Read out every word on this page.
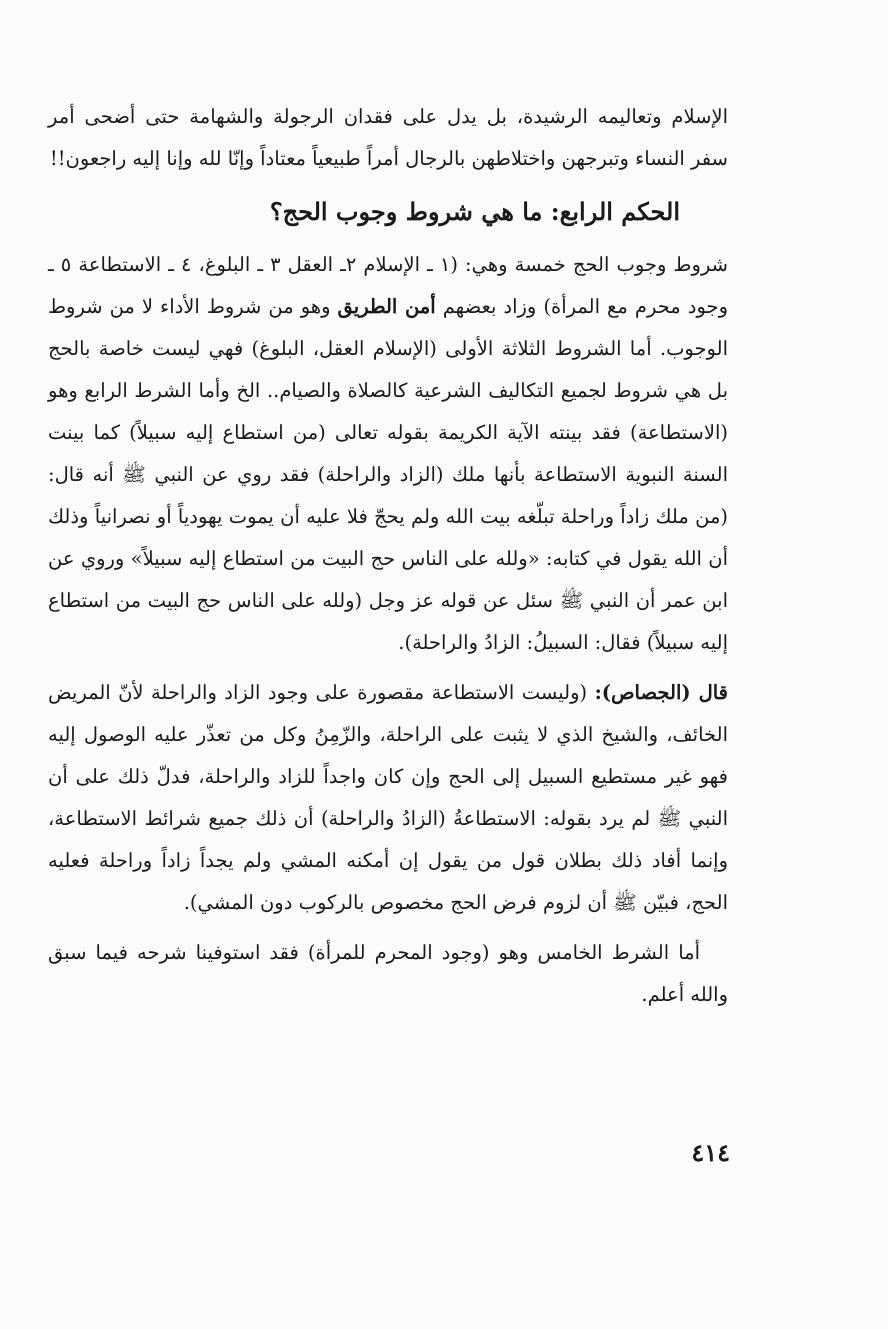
الإسلام وتعاليمه الرشيدة، بل يدل على فقدان الرجولة والشهامة حتى أضحى أمر سفر النساء وتبرجهن واختلاطهن بالرجال أمراً طبيعياً معتاداً وإنّا لله وإنا إليه راجعون!!

الحكم الرابع: ما هي شروط وجوب الحج؟

شروط وجوب الحج خمسة وهي: (١ ـ الإسلام ٢ـ العقل ٣ ـ البلوغ، ٤ ـ الاستطاعة ٥ ـ وجود محرم مع المرأة) وزاد بعضهم أمن الطريق وهو من شروط الأداء لا من شروط الوجوب. أما الشروط الثلاثة الأولى (الإسلام العقل، البلوغ) فهي ليست خاصة بالحج بل هي شروط لجميع التكاليف الشرعية كالصلاة والصيام.. الخ وأما الشرط الرابع وهو (الاستطاعة) فقد بينته الآية الكريمة بقوله تعالى (من استطاع إليه سبيلاً) كما بينت السنة النبوية الاستطاعة بأنها ملك (الزاد والراحلة) فقد روي عن النبي ﷺ أنه قال: (من ملك زاداً وراحلة تبلّغه بيت الله ولم يحجّ فلا عليه أن يموت يهودياً أو نصرانياً وذلك أن الله يقول في كتابه: «ولله على الناس حج البيت من استطاع إليه سبيلاً» وروي عن ابن عمر أن النبي ﷺ سئل عن قوله عز وجل (ولله على الناس حج البيت من استطاع إليه سبيلاً) فقال: السبيلُ: الزادُ والراحلة).

قال (الجصاص): (وليست الاستطاعة مقصورة على وجود الزاد والراحلة لأنّ المريض الخائف، والشيخ الذي لا يثبت على الراحلة، والزّمِنُ وكل من تعذّر عليه الوصول إليه فهو غير مستطيع السبيل إلى الحج وإن كان واجداً للزاد والراحلة، فدلّ ذلك على أن النبي ﷺ لم يرد بقوله: الاستطاعةُ (الزادُ والراحلة) أن ذلك جميع شرائط الاستطاعة، وإنما أفاد ذلك بطلان قول من يقول إن أمكنه المشي ولم يجداً زاداً وراحلة فعليه الحج، فبيّن ﷺ أن لزوم فرض الحج مخصوص بالركوب دون المشي).

أما الشرط الخامس وهو (وجود المحرم للمرأة) فقد استوفينا شرحه فيما سبق والله أعلم.

٤١٤
